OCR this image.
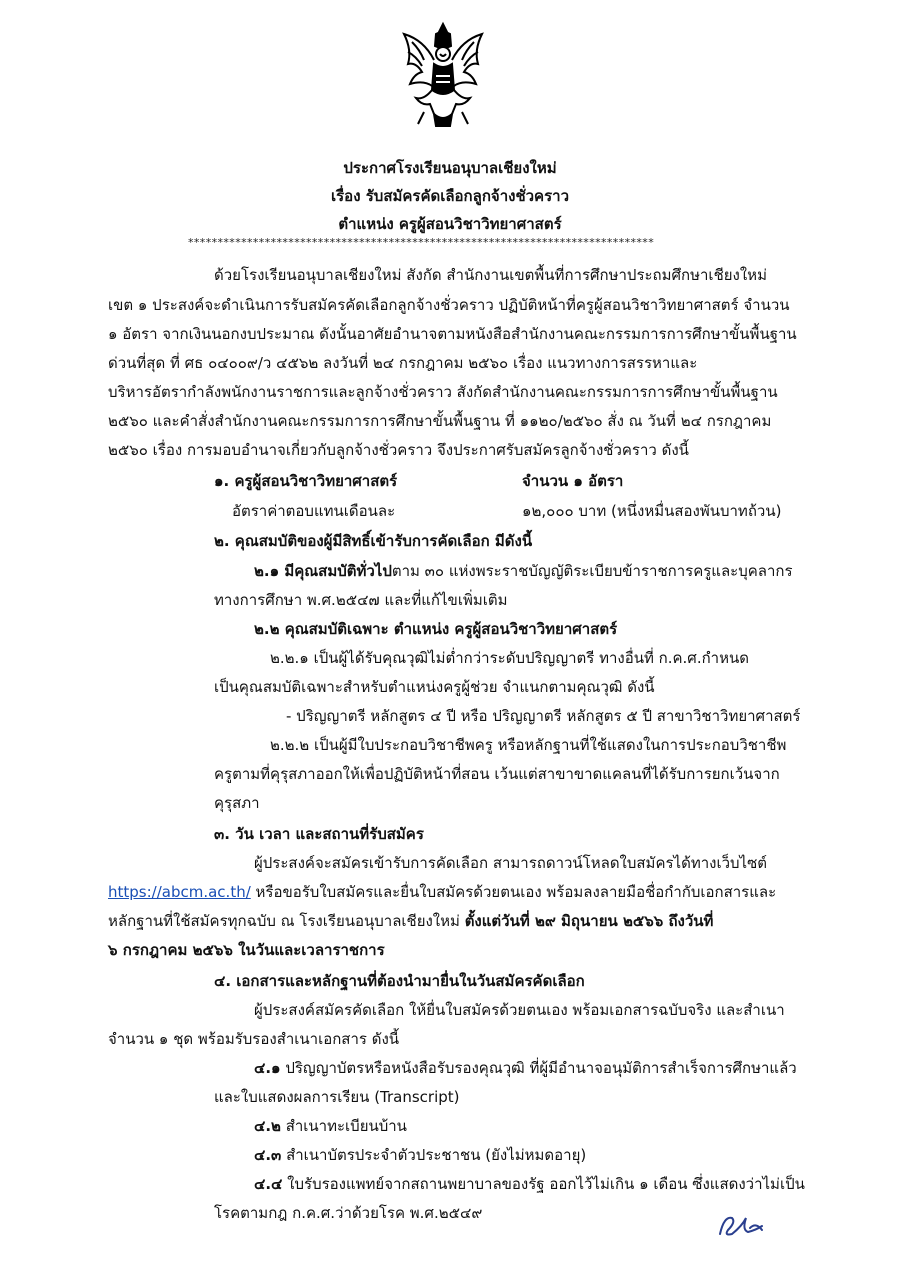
ประกาศโรงเรียนอนุบาลเชียงใหม่
เรื่อง รับสมัครคัดเลือกลูกจ้างชั่วคราว
ตำแหน่ง ครูผู้สอนวิชาวิทยาศาสตร์
*******************************************************************************
ด้วยโรงเรียนอนุบาลเชียงใหม่ สังกัด สำนักงานเขตพื้นที่การศึกษาประถมศึกษาเชียงใหม่
เขต ๑ ประสงค์จะดำเนินการรับสมัครคัดเลือกลูกจ้างชั่วคราว ปฏิบัติหน้าที่ครูผู้สอนวิชาวิทยาศาสตร์ จำนวน
๑ อัตรา จากเงินนอกงบประมาณ ดังนั้นอาศัยอำนาจตามหนังสือสำนักงานคณะกรรมการการศึกษาขั้นพื้นฐาน
ด่วนที่สุด ที่ ศธ ๐๔๐๐๙/ว ๔๕๖๒ ลงวันที่ ๒๔ กรกฎาคม ๒๕๖๐ เรื่อง แนวทางการสรรหาและ
บริหารอัตรากำลังพนักงานราชการและลูกจ้างชั่วคราว สังกัดสำนักงานคณะกรรมการการศึกษาขั้นพื้นฐาน
๒๕๖๐ และคำสั่งสำนักงานคณะกรรมการการศึกษาขั้นพื้นฐาน ที่ ๑๑๒๐/๒๕๖๐ สั่ง ณ วันที่ ๒๔ กรกฎาคม
๒๕๖๐ เรื่อง การมอบอำนาจเกี่ยวกับลูกจ้างชั่วคราว จึงประกาศรับสมัครลูกจ้างชั่วคราว ดังนี้
๑. ครูผู้สอนวิชาวิทยาศาสตร์	จำนวน ๑ อัตรา
อัตราค่าตอบแทนเดือนละ	๑๒,๐๐๐ บาท (หนึ่งหมื่นสองพันบาทถ้วน)
๒. คุณสมบัติของผู้มีสิทธิ์เข้ารับการคัดเลือก มีดังนี้
๒.๑ มีคุณสมบัติทั่วไปตาม ๓๐ แห่งพระราชบัญญัติระเบียบข้าราชการครูและบุคลากร
ทางการศึกษา พ.ศ.๒๕๔๗ และที่แก้ไขเพิ่มเติม
๒.๒ คุณสมบัติเฉพาะ ตำแหน่ง ครูผู้สอนวิชาวิทยาศาสตร์
๒.๒.๑ เป็นผู้ได้รับคุณวุฒิไม่ต่ำกว่าระดับปริญญาตรี ทางอื่นที่ ก.ค.ศ.กำหนด
เป็นคุณสมบัติเฉพาะสำหรับตำแหน่งครูผู้ช่วย จำแนกตามคุณวุฒิ ดังนี้
- ปริญญาตรี หลักสูตร ๔ ปี หรือ ปริญญาตรี หลักสูตร ๕ ปี สาขาวิชาวิทยาศาสตร์
๒.๒.๒ เป็นผู้มีใบประกอบวิชาชีพครู หรือหลักฐานที่ใช้แสดงในการประกอบวิชาชีพ
ครูตามที่คุรุสภาออกให้เพื่อปฏิบัติหน้าที่สอน เว้นแต่สาขาขาดแคลนที่ได้รับการยกเว้นจาก
คุรุสภา
๓. วัน เวลา และสถานที่รับสมัคร
ผู้ประสงค์จะสมัครเข้ารับการคัดเลือก สามารถดาวน์โหลดใบสมัครได้ทางเว็บไซต์
https://abcm.ac.th/ หรือขอรับใบสมัครและยื่นใบสมัครด้วยตนเอง พร้อมลงลายมือชื่อกำกับเอกสารและ
หลักฐานที่ใช้สมัครทุกฉบับ ณ โรงเรียนอนุบาลเชียงใหม่ ตั้งแต่วันที่ ๒๙ มิถุนายน ๒๕๖๖ ถึงวันที่
๖ กรกฎาคม ๒๕๖๖ ในวันและเวลาราชการ
๔. เอกสารและหลักฐานที่ต้องนำมายื่นในวันสมัครคัดเลือก
ผู้ประสงค์สมัครคัดเลือก ให้ยื่นใบสมัครด้วยตนเอง พร้อมเอกสารฉบับจริง และสำเนา
จำนวน ๑ ชุด พร้อมรับรองสำเนาเอกสาร ดังนี้
๔.๑ ปริญญาบัตรหรือหนังสือรับรองคุณวุฒิ ที่ผู้มีอำนาจอนุมัติการสำเร็จการศึกษาแล้ว
และใบแสดงผลการเรียน (Transcript)
๔.๒ สำเนาทะเบียนบ้าน
๔.๓ สำเนาบัตรประจำตัวประชาชน (ยังไม่หมดอายุ)
๔.๔ ใบรับรองแพทย์จากสถานพยาบาลของรัฐ ออกไว้ไม่เกิน ๑ เดือน ซึ่งแสดงว่าไม่เป็น
โรคตามกฎ ก.ค.ศ.ว่าด้วยโรค พ.ศ.๒๕๔๙
